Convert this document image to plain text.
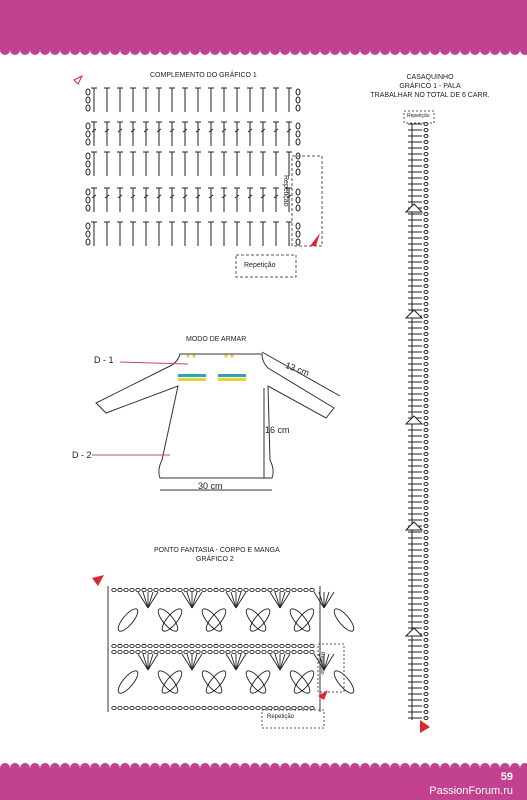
59
PassionForum.ru
COMPLEMENTO DO GRÁFICO 1	CASAQUINHO
GRÁFICO 1 - PALA
TRABALHAR NO TOTAL DE 6 CARR.
MODO DE ARMAR
D - 1
D - 2
16 cm
30 cm
13 cm
PONTO FANTASIA - CORPO E MANGA
GRÁFICO 2
Repetição
Repetição
Repetição
Repetição
Repetição
